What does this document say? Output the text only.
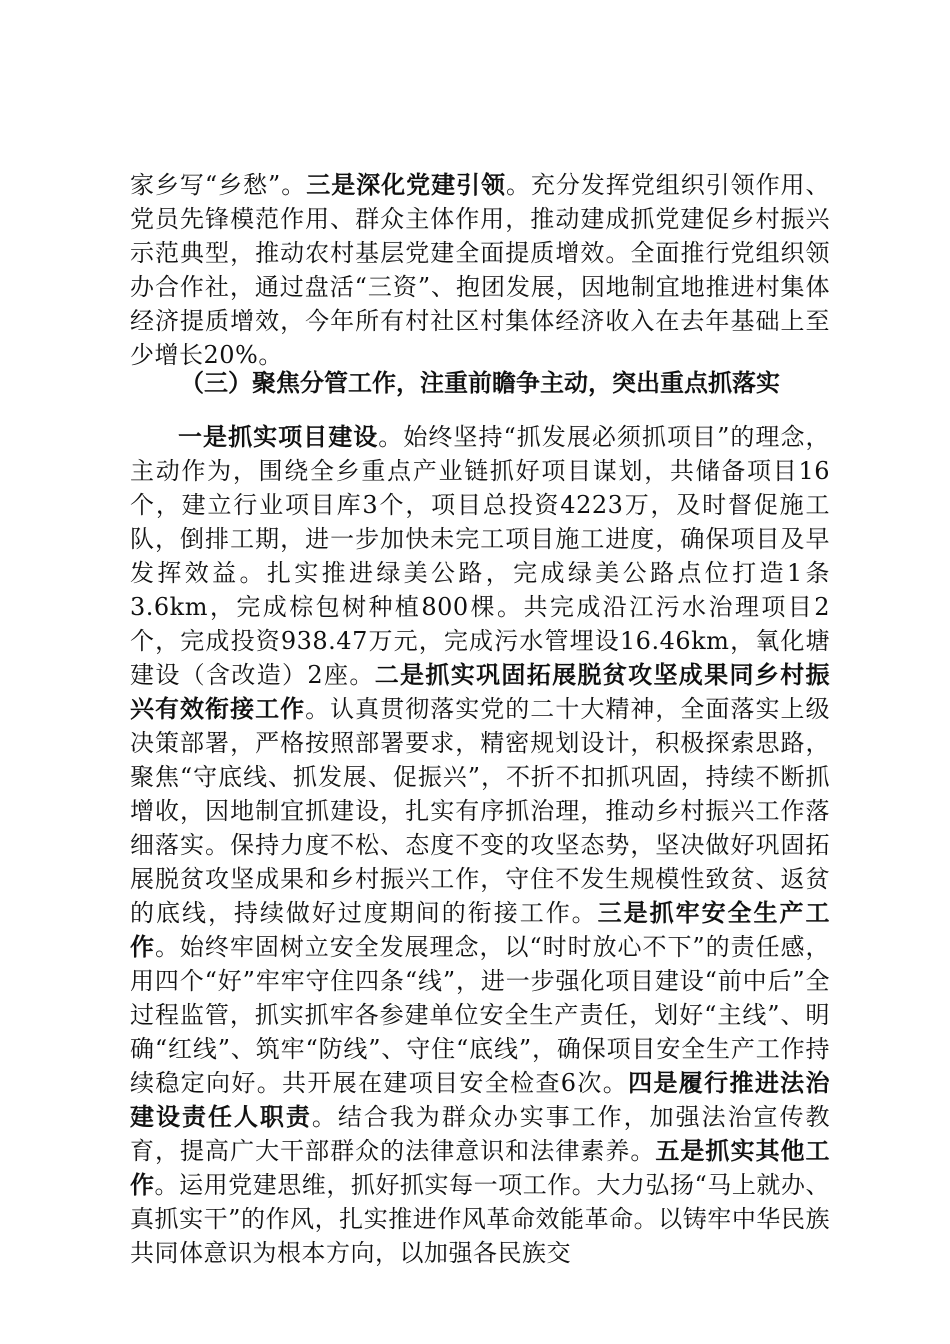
家乡写“乡愁”。三是深化党建引领。充分发挥党组织引领作用、党员先锋模范作用、群众主体作用，推动建成抓党建促乡村振兴示范典型，推动农村基层党建全面提质增效。全面推行党组织领办合作社，通过盘活“三资”、抱团发展，因地制宜地推进村集体经济提质增效，今年所有村社区村集体经济收入在去年基础上至少增长20%。
（三）聚焦分管工作，注重前瞻争主动，突出重点抓落实
一是抓实项目建设。始终坚持“抓发展必须抓项目”的理念，主动作为，围绕全乡重点产业链抓好项目谋划，共储备项目16个，建立行业项目库3个，项目总投资4223万，及时督促施工队，倒排工期，进一步加快未完工项目施工进度，确保项目及早发挥效益。扎实推进绿美公路，完成绿美公路点位打造1条3.6km，完成棕包树种植800棵。共完成沿江污水治理项目2个，完成投资938.47万元，完成污水管埋设16.46km，氧化塘建设（含改造）2座。二是抓实巩固拓展脱贫攻坚成果同乡村振兴有效衔接工作。认真贯彻落实党的二十大精神，全面落实上级决策部署，严格按照部署要求，精密规划设计，积极探索思路，聚焦“守底线、抓发展、促振兴”，不折不扣抓巩固，持续不断抓增收，因地制宜抓建设，扎实有序抓治理，推动乡村振兴工作落细落实。保持力度不松、态度不变的攻坚态势，坚决做好巩固拓展脱贫攻坚成果和乡村振兴工作，守住不发生规模性致贫、返贫的底线，持续做好过度期间的衔接工作。三是抓牢安全生产工作。始终牢固树立安全发展理念，以“时时放心不下”的责任感，用四个“好”牢牢守住四条“线”，进一步强化项目建设“前中后”全过程监管，抓实抓牢各参建单位安全生产责任，划好“主线”、明确“红线”、筑牢“防线”、守住“底线”，确保项目安全生产工作持续稳定向好。共开展在建项目安全检查6次。四是履行推进法治建设责任人职责。结合我为群众办实事工作，加强法治宣传教育，提高广大干部群众的法律意识和法律素养。五是抓实其他工作。运用党建思维，抓好抓实每一项工作。大力弘扬“马上就办、真抓实干”的作风，扎实推进作风革命效能革命。以铸牢中华民族共同体意识为根本方向，以加强各民族交
